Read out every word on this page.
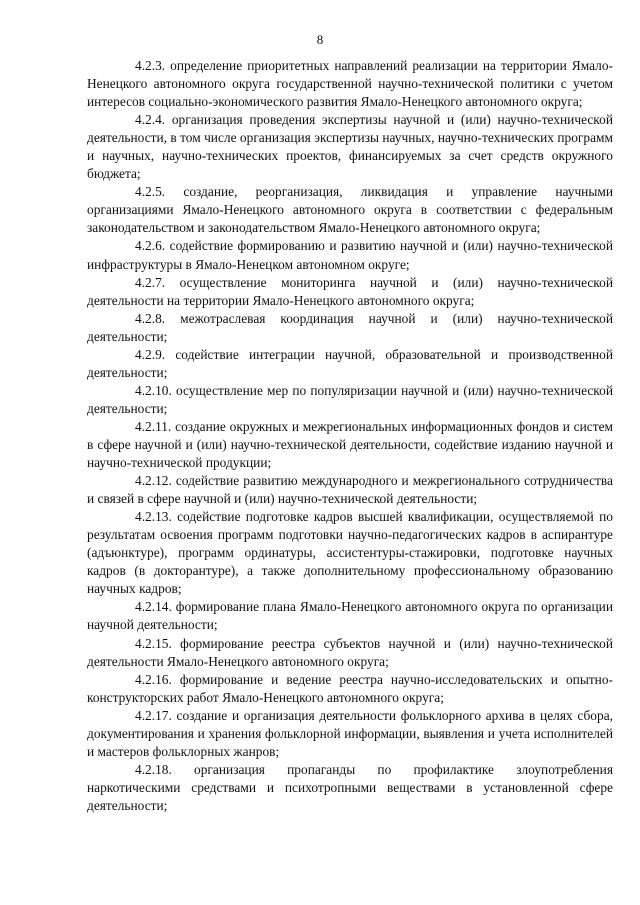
8

4.2.3. определение приоритетных направлений реализации на территории Ямало-Ненецкого автономного округа государственной научно-технической политики с учетом интересов социально-экономического развития Ямало-Ненецкого автономного округа;

4.2.4. организация проведения экспертизы научной и (или) научно-технической деятельности, в том числе организация экспертизы научных, научно-технических программ и научных, научно-технических проектов, финансируемых за счет средств окружного бюджета;

4.2.5. создание, реорганизация, ликвидация и управление научными организациями Ямало-Ненецкого автономного округа в соответствии с федеральным законодательством и законодательством Ямало-Ненецкого автономного округа;

4.2.6. содействие формированию и развитию научной и (или) научно-технической инфраструктуры в Ямало-Ненецком автономном округе;

4.2.7. осуществление мониторинга научной и (или) научно-технической деятельности на территории Ямало-Ненецкого автономного округа;

4.2.8. межотраслевая координация научной и (или) научно-технической деятельности;

4.2.9. содействие интеграции научной, образовательной и производственной деятельности;

4.2.10. осуществление мер по популяризации научной и (или) научно-технической деятельности;

4.2.11. создание окружных и межрегиональных информационных фондов и систем в сфере научной и (или) научно-технической деятельности, содействие изданию научной и научно-технической продукции;

4.2.12. содействие развитию международного и межрегионального сотрудничества и связей в сфере научной и (или) научно-технической деятельности;

4.2.13. содействие подготовке кадров высшей квалификации, осуществляемой по результатам освоения программ подготовки научно-педагогических кадров в аспирантуре (адъюнктуре), программ ординатуры, ассистентуры-стажировки, подготовке научных кадров (в докторантуре), а также дополнительному профессиональному образованию научных кадров;

4.2.14. формирование плана Ямало-Ненецкого автономного округа по организации научной деятельности;

4.2.15. формирование реестра субъектов научной и (или) научно-технической деятельности Ямало-Ненецкого автономного округа;

4.2.16. формирование и ведение реестра научно-исследовательских и опытно-конструкторских работ Ямало-Ненецкого автономного округа;

4.2.17. создание и организация деятельности фольклорного архива в целях сбора, документирования и хранения фольклорной информации, выявления и учета исполнителей и мастеров фольклорных жанров;

4.2.18. организация пропаганды по профилактике злоупотребления наркотическими средствами и психотропными веществами в установленной сфере деятельности;
